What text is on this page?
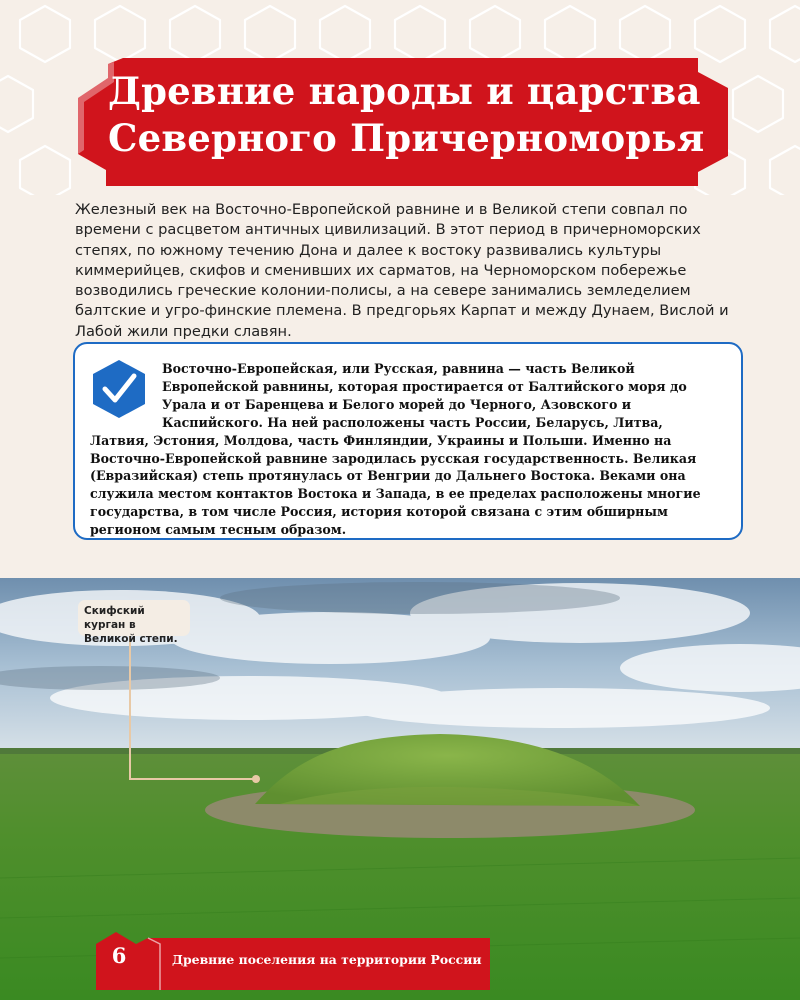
Древние народы и царства
Северного Причерноморья

Железный век на Восточно-Европейской равнине и в Великой степи совпал по времени с расцветом античных цивилизаций. В этот период в причерноморских степях, по южному течению Дона и далее к востоку развивались культуры киммерийцев, скифов и сменивших их сарматов, на Черноморском побережье возводились греческие колонии-полисы, а на севере занимались земледелием балтские и угро-финские племена. В предгорьях Карпат и между Дунаем, Вислой и Лабой жили предки славян.

Восточно-Европейская, или Русская, равнина — часть Великой Европейской равнины, которая простирается от Балтийского моря до Урала и от Баренцева и Белого морей до Черного, Азовского и Каспийского. На ней расположены часть России, Беларусь, Литва, Латвия, Эстония, Молдова, часть Финляндии, Украины и Польши. Именно на Восточно-Европейской равнине зародилась русская государственность. Великая (Евразийская) степь протянулась от Венгрии до Дальнего Востока. Веками она служила местом контактов Востока и Запада, в ее пределах расположены многие государства, в том числе Россия, история которой связана с этим обширным регионом самым тесным образом.

Скифский курган в Великой степи.
6	Древние поселения на территории России
